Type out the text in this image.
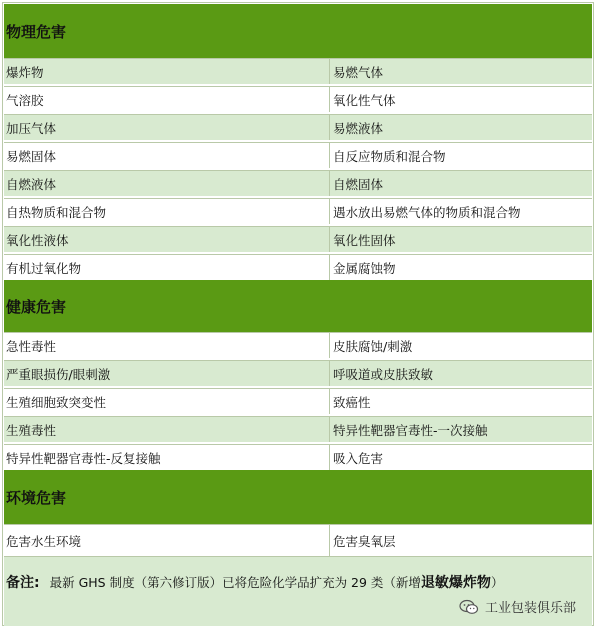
物理危害
爆炸物	易燃气体
气溶胶	氧化性气体
加压气体	易燃液体
易燃固体	自反应物质和混合物
自燃液体	自燃固体
自热物质和混合物	遇水放出易燃气体的物质和混合物
氧化性液体	氧化性固体
有机过氧化物	金属腐蚀物
健康危害
急性毒性	皮肤腐蚀/刺激
严重眼损伤/眼刺激	呼吸道或皮肤致敏
生殖细胞致突变性	致癌性
生殖毒性	特异性靶器官毒性-一次接触
特异性靶器官毒性-反复接触	吸入危害
环境危害
危害水生环境	危害臭氧层
备注: 最新 GHS 制度（第六修订版）已将危险化学品扩充为 29 类（新增退敏爆炸物）
工业包装俱乐部
